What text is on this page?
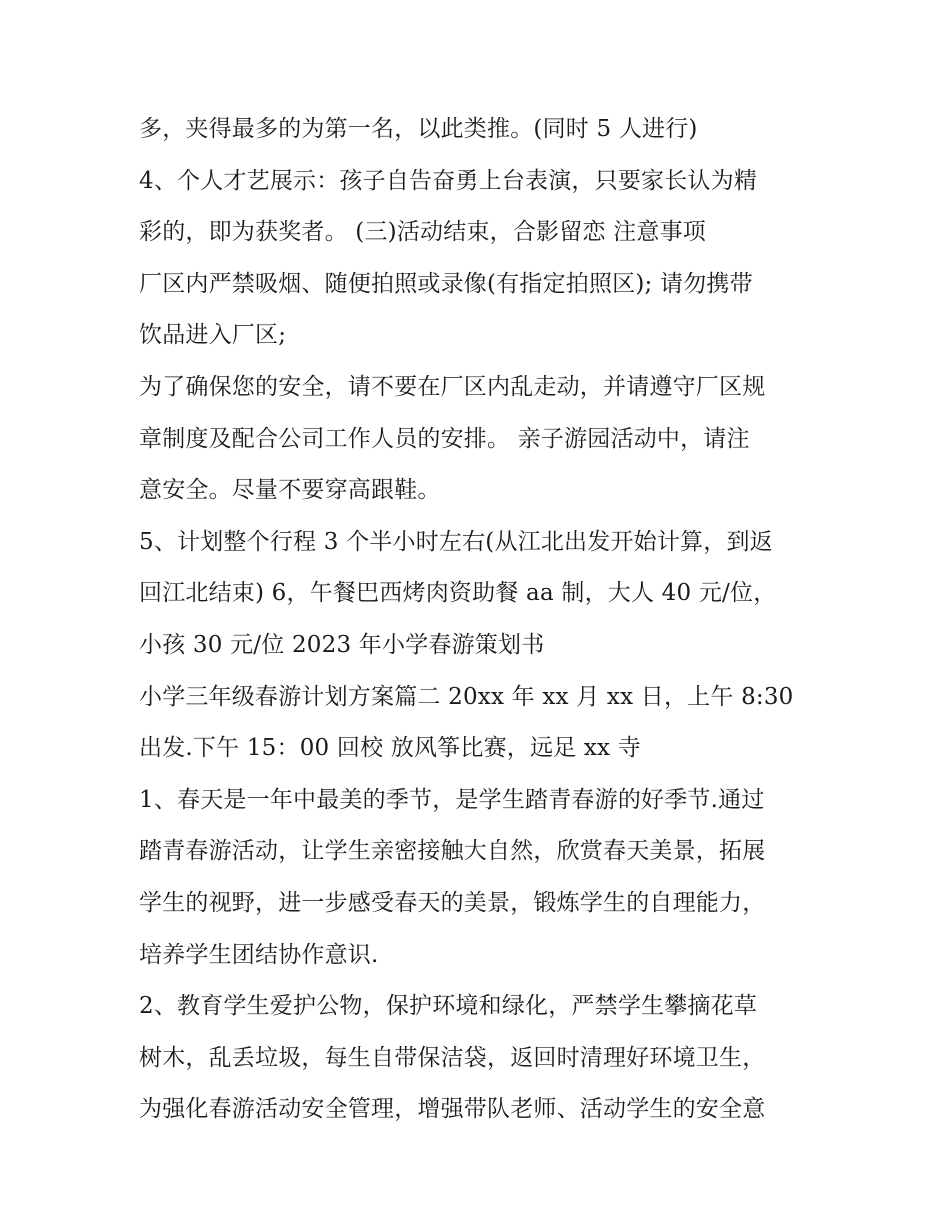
多，夹得最多的为第一名，以此类推。(同时 5 人进行)
4、个人才艺展示：孩子自告奋勇上台表演，只要家长认为精
彩的，即为获奖者。 (三)活动结束，合影留恋 注意事项
厂区内严禁吸烟、随便拍照或录像(有指定拍照区); 请勿携带
饮品进入厂区;
为了确保您的安全，请不要在厂区内乱走动，并请遵守厂区规
章制度及配合公司工作人员的安排。 亲子游园活动中，请注
意安全。尽量不要穿高跟鞋。
5、计划整个行程 3 个半小时左右(从江北出发开始计算，到返
回江北结束) 6，午餐巴西烤肉资助餐 aa 制，大人 40 元/位，
小孩 30 元/位 2023 年小学春游策划书
小学三年级春游计划方案篇二 20xx 年 xx 月 xx 日，上午 8:30
出发.下午 15：00 回校 放风筝比赛，远足 xx 寺
1、春天是一年中最美的季节，是学生踏青春游的好季节.通过
踏青春游活动，让学生亲密接触大自然，欣赏春天美景，拓展
学生的视野，进一步感受春天的美景，锻炼学生的自理能力，
培养学生团结协作意识.
2、教育学生爱护公物，保护环境和绿化，严禁学生攀摘花草
树木，乱丢垃圾，每生自带保洁袋，返回时清理好环境卫生，
为强化春游活动安全管理，增强带队老师、活动学生的安全意
